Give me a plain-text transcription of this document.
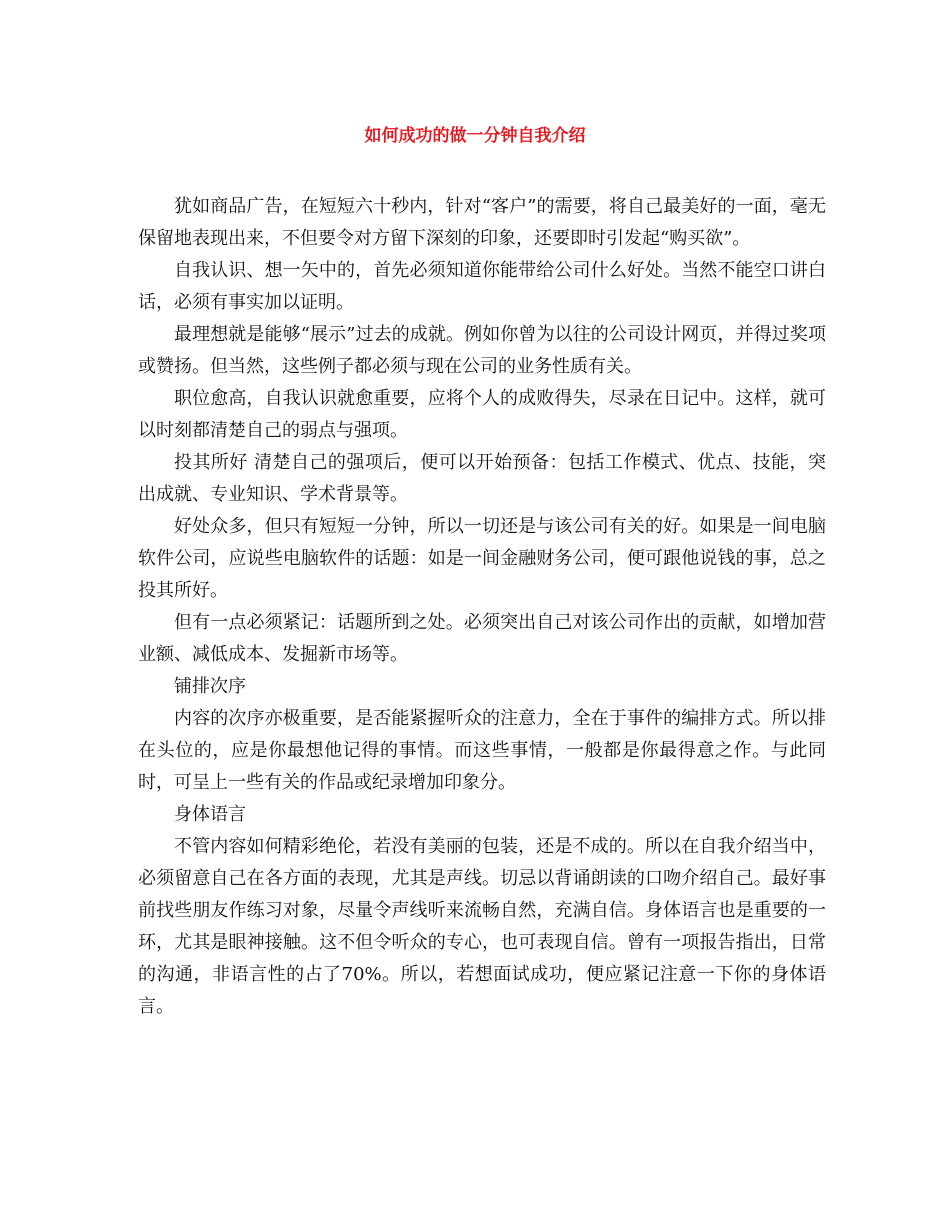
如何成功的做一分钟自我介绍

犹如商品广告，在短短六十秒内，针对“客户”的需要，将自己最美好的一面，毫无保留地表现出来，不但要令对方留下深刻的印象，还要即时引发起“购买欲”。

自我认识、想一矢中的，首先必须知道你能带给公司什么好处。当然不能空口讲白话，必须有事实加以证明。

最理想就是能够“展示”过去的成就。例如你曾为以往的公司设计网页，并得过奖项或赞扬。但当然，这些例子都必须与现在公司的业务性质有关。

职位愈高，自我认识就愈重要，应将个人的成败得失，尽录在日记中。这样，就可以时刻都清楚自己的弱点与强项。

投其所好 清楚自己的强项后，便可以开始预备：包括工作模式、优点、技能，突出成就、专业知识、学术背景等。

好处众多，但只有短短一分钟，所以一切还是与该公司有关的好。如果是一间电脑软件公司，应说些电脑软件的话题：如是一间金融财务公司，便可跟他说钱的事，总之投其所好。

但有一点必须紧记：话题所到之处。必须突出自己对该公司作出的贡献，如增加营业额、减低成本、发掘新市场等。

铺排次序

内容的次序亦极重要，是否能紧握听众的注意力，全在于事件的编排方式。所以排在头位的，应是你最想他记得的事情。而这些事情，一般都是你最得意之作。与此同时，可呈上一些有关的作品或纪录增加印象分。

身体语言

不管内容如何精彩绝伦，若没有美丽的包装，还是不成的。所以在自我介绍当中，必须留意自己在各方面的表现，尤其是声线。切忌以背诵朗读的口吻介绍自己。最好事前找些朋友作练习对象，尽量令声线听来流畅自然，充满自信。身体语言也是重要的一环，尤其是眼神接触。这不但令听众的专心，也可表现自信。曾有一项报告指出，日常的沟通，非语言性的占了70%。所以，若想面试成功，便应紧记注意一下你的身体语言。
